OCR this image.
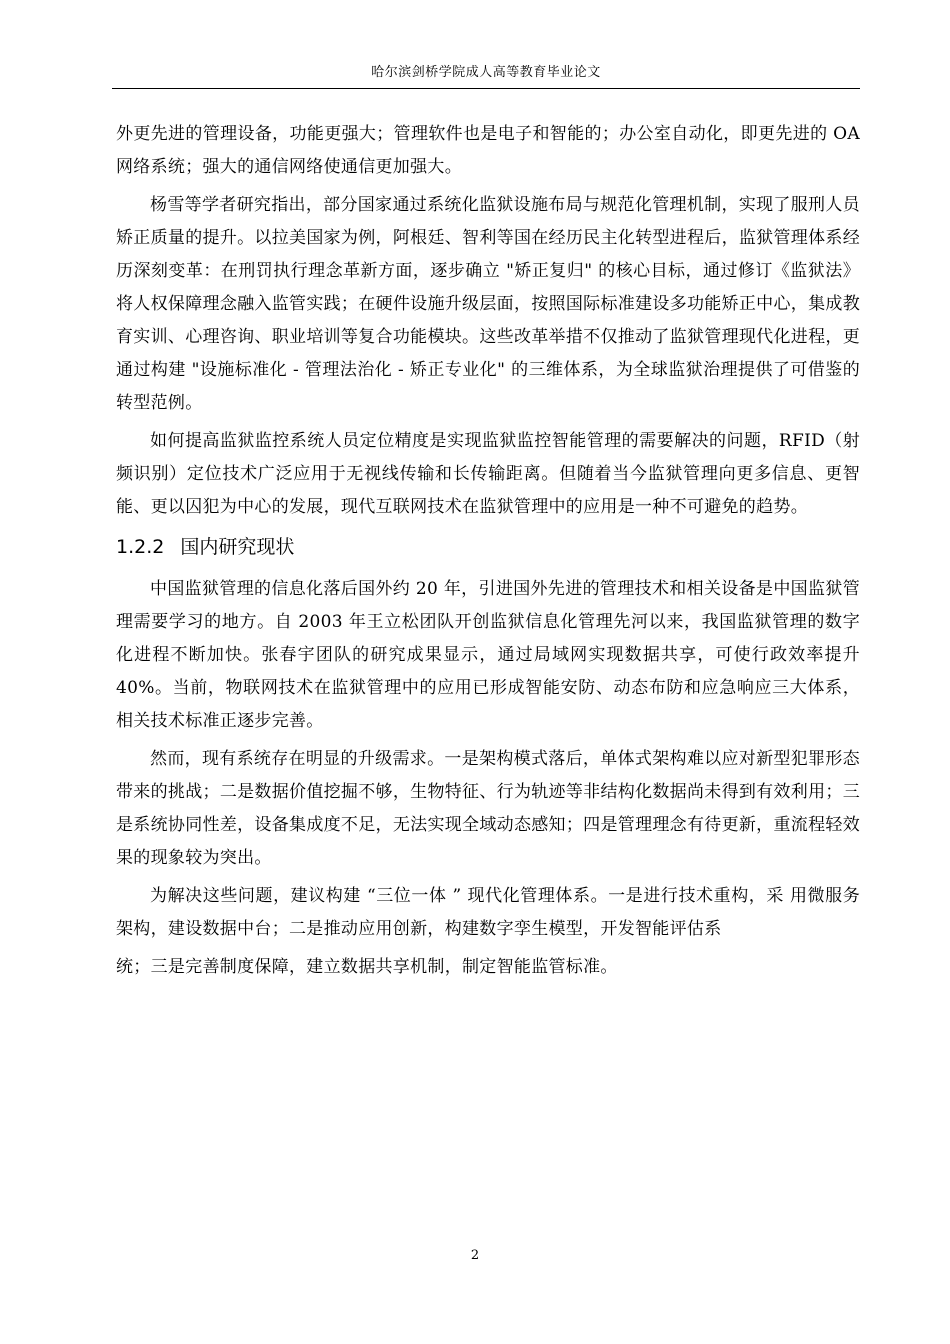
哈尔滨剑桥学院成人高等教育毕业论文

外更先进的管理设备，功能更强大；管理软件也是电子和智能的；办公室自动化，即更先进的 OA 网络系统；强大的通信网络使通信更加强大。

杨雪等学者研究指出，部分国家通过系统化监狱设施布局与规范化管理机制，实现了服刑人员矫正质量的提升。以拉美国家为例，阿根廷、智利等国在经历民主化转型进程后，监狱管理体系经历深刻变革：在刑罚执行理念革新方面，逐步确立 "矫正复归" 的核心目标，通过修订《监狱法》将人权保障理念融入监管实践；在硬件设施升级层面，按照国际标准建设多功能矫正中心，集成教育实训、心理咨询、职业培训等复合功能模块。这些改革举措不仅推动了监狱管理现代化进程，更通过构建 "设施标准化 - 管理法治化 - 矫正专业化" 的三维体系，为全球监狱治理提供了可借鉴的转型范例。

如何提高监狱监控系统人员定位精度是实现监狱监控智能管理的需要解决的问题，RFID（射频识别）定位技术广泛应用于无视线传输和长传输距离。但随着当今监狱管理向更多信息、更智能、更以囚犯为中心的发展，现代互联网技术在监狱管理中的应用是一种不可避免的趋势。

1.2.2 国内研究现状

中国监狱管理的信息化落后国外约 20 年，引进国外先进的管理技术和相关设备是中国监狱管理需要学习的地方。自 2003 年王立松团队开创监狱信息化管理先河以来，我国监狱管理的数字化进程不断加快。张春宇团队的研究成果显示，通过局域网实现数据共享，可使行政效率提升 40%。当前，物联网技术在监狱管理中的应用已形成智能安防、动态布防和应急响应三大体系，相关技术标准正逐步完善。

然而，现有系统存在明显的升级需求。一是架构模式落后，单体式架构难以应对新型犯罪形态带来的挑战；二是数据价值挖掘不够，生物特征、行为轨迹等非结构化数据尚未得到有效利用；三是系统协同性差，设备集成度不足，无法实现全域动态感知；四是管理理念有待更新，重流程轻效果的现象较为突出。

为解决这些问题，建议构建 “三位一体 ” 现代化管理体系。一是进行技术重构，采 用微服务架构，建设数据中台；二是推动应用创新，构建数字孪生模型，开发智能评估系

统；三是完善制度保障，建立数据共享机制，制定智能监管标准。

2
